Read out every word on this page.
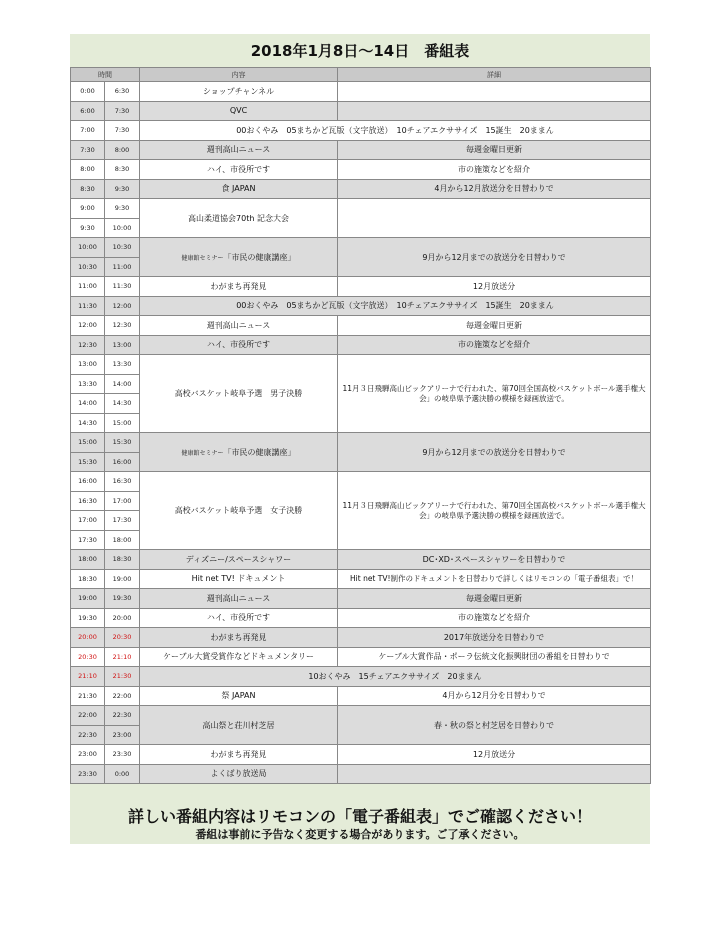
2018年1月8日～14日　番組表
時間		内容	詳細
0:00	6:30	ショップチャンネル	
6:00	7:30	QVC	
7:00	7:30	00おくやみ　05まちかど瓦版（文字放送）　10チェアエクササイズ　15誕生　20ままん	
7:30	8:00	週刊高山ニュース	毎週金曜日更新
8:00	8:30	ハイ、市役所です	市の施策などを紹介
8:30	9:30	食 JAPAN	4月から12月放送分を日替わりで
9:00	9:30	高山柔道協会70th 記念大会	
9:30	10:00		
10:00	10:30	健康館セミナー「市民の健康講座」	9月から12月までの放送分を日替わりで
10:30	11:00		
11:00	11:30	わがまち再発見	12月放送分
11:30	12:00	00おくやみ　05まちかど瓦版（文字放送）　10チェアエクササイズ　15誕生　20ままん	
12:00	12:30	週刊高山ニュース	毎週金曜日更新
12:30	13:00	ハイ、市役所です	市の施策などを紹介
13:00	13:30	高校バスケット岐阜予選　男子決勝	11月３日飛騨高山ビックアリーナで行われた、第70回全国高校バスケットボール選手権大会」の岐阜県予選決勝の模様を録画放送で。
13:30	14:00		
14:00	14:30		
14:30	15:00		
15:00	15:30	健康館セミナー「市民の健康講座」	9月から12月までの放送分を日替わりで
15:30	16:00		
16:00	16:30	高校バスケット岐阜予選　女子決勝	11月３日飛騨高山ビックアリーナで行われた、第70回全国高校バスケットボール選手権大会」の岐阜県予選決勝の模様を録画放送で。
16:30	17:00		
17:00	17:30		
17:30	18:00		
18:00	18:30	ディズニー/スペースシャワー	DC･XD･スペースシャワーを日替わりで
18:30	19:00	Hit net TV! ドキュメント	Hit net TV!制作のドキュメントを日替わりで詳しくはリモコンの「電子番組表」で！
19:00	19:30	週刊高山ニュース	毎週金曜日更新
19:30	20:00	ハイ、市役所です	市の施策などを紹介
20:00	20:30	わがまち再発見	2017年放送分を日替わりで
20:30	21:10	ケーブル大賞受賞作などドキュメンタリー	ケーブル大賞作品・ポーラ伝統文化振興財団の番組を日替わりで
21:10	21:30	10おくやみ　15チェアエクササイズ　20ままん	
21:30	22:00	祭 JAPAN	4月から12月分を日替わりで
22:00	22:30	高山祭と荘川村芝居	春・秋の祭と村芝居を日替わりで
22:30	23:00		
23:00	23:30	わがまち再発見	12月放送分
23:30	0:00	よくばり放送局	
詳しい番組内容はリモコンの「電子番組表」でご確認ください！
番組は事前に予告なく変更する場合があります。ご了承ください。
